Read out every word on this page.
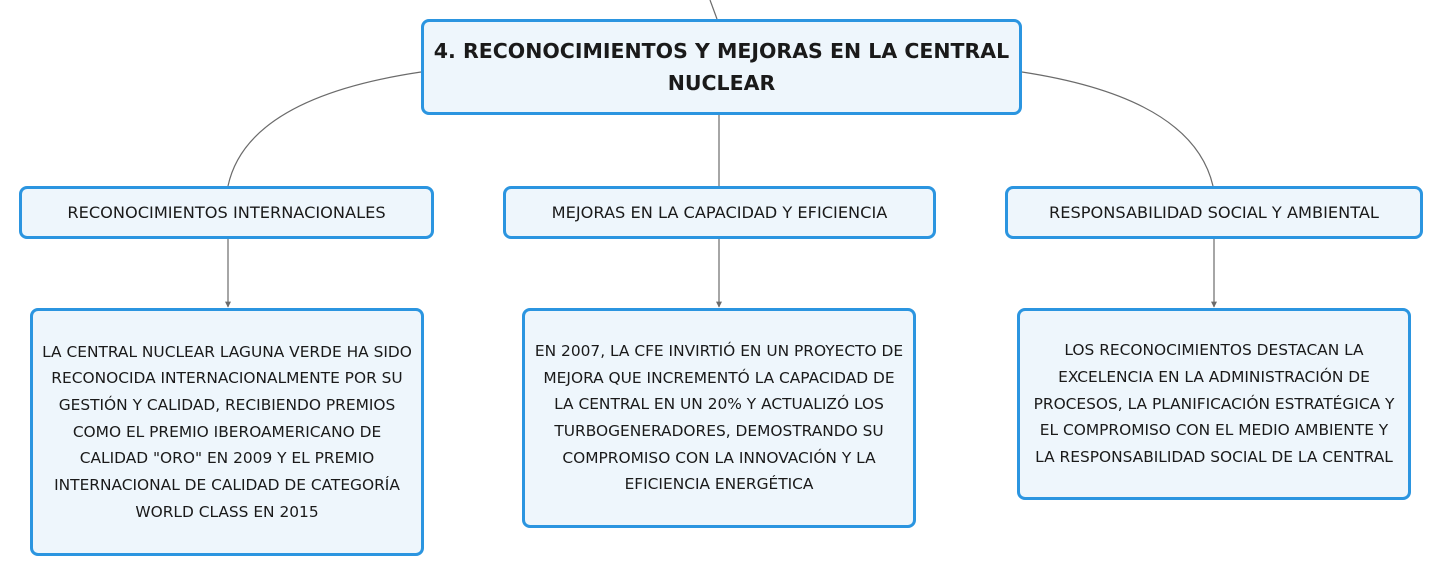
4. RECONOCIMIENTOS Y MEJORAS EN LA CENTRAL NUCLEAR
RECONOCIMIENTOS INTERNACIONALES	MEJORAS EN LA CAPACIDAD Y EFICIENCIA	RESPONSABILIDAD SOCIAL Y AMBIENTAL
LA CENTRAL NUCLEAR LAGUNA VERDE HA SIDO RECONOCIDA INTERNACIONALMENTE POR SU GESTIÓN Y CALIDAD, RECIBIENDO PREMIOS COMO EL PREMIO IBEROAMERICANO DE CALIDAD "ORO" EN 2009 Y EL PREMIO INTERNACIONAL DE CALIDAD DE CATEGORÍA WORLD CLASS EN 2015
EN 2007, LA CFE INVIRTIÓ EN UN PROYECTO DE MEJORA QUE INCREMENTÓ LA CAPACIDAD DE LA CENTRAL EN UN 20% Y ACTUALIZÓ LOS TURBOGENERADORES, DEMOSTRANDO SU COMPROMISO CON LA INNOVACIÓN Y LA EFICIENCIA ENERGÉTICA
LOS RECONOCIMIENTOS DESTACAN LA EXCELENCIA EN LA ADMINISTRACIÓN DE PROCESOS, LA PLANIFICACIÓN ESTRATÉGICA Y EL COMPROMISO CON EL MEDIO AMBIENTE Y LA RESPONSABILIDAD SOCIAL DE LA CENTRAL
